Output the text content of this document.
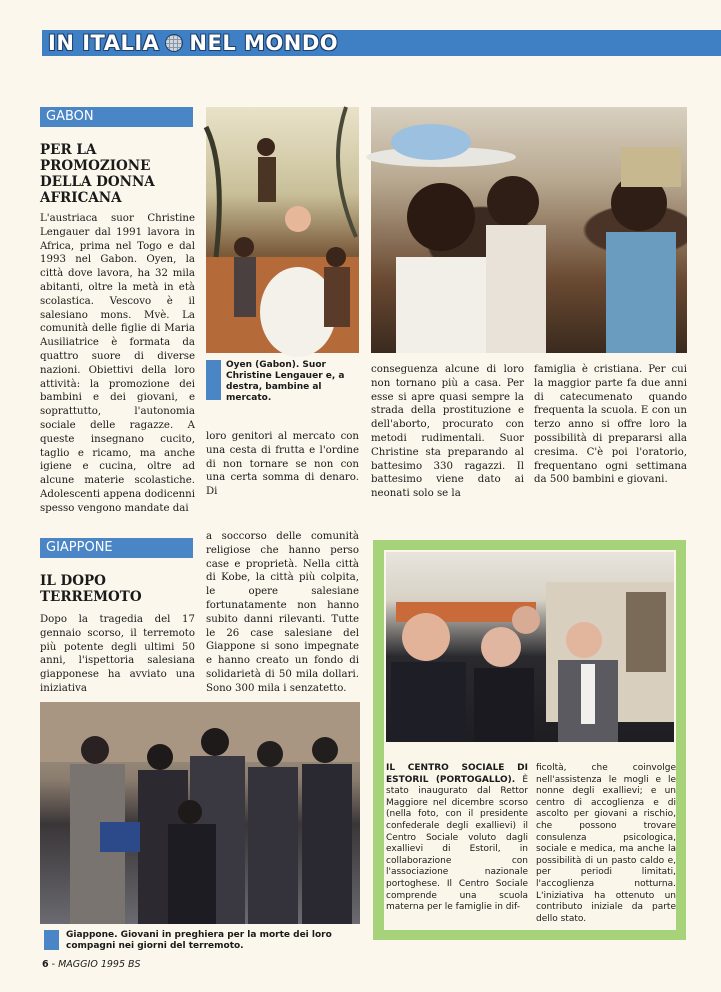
IN ITALIA NEL MONDO
GABON
PER LA PROMOZIONE DELLA DONNA AFRICANA
L'austriaca suor Christine Lengauer dal 1991 lavora in Africa, prima nel Togo e dal 1993 nel Gabon. Oyen, la città dove lavora, ha 32 mila abitanti, oltre la metà in età scolastica. Vescovo è il salesiano mons. Mvè. La comunità delle figlie di Maria Ausiliatrice è formata da quattro suore di diverse nazioni. Obiettivi della loro attività: la promozione dei bambini e dei giovani, e soprattutto, l'autonomia sociale delle ragazze. A queste insegnano cucito, taglio e ricamo, ma anche igiene e cucina, oltre ad alcune materie scolastiche. Adolescenti appena dodicenni spesso vengono mandate dai
Oyen (Gabon). Suor Christine Lengauer e, a destra, bambine al mercato.
loro genitori al mercato con una cesta di frutta e l'ordine di non tornare se non con una certa somma di denaro. Di
conseguenza alcune di loro non tornano più a casa. Per esse si apre quasi sempre la strada della prostituzione e dell'aborto, procurato con metodi rudimentali. Suor Christine sta preparando al battesimo 330 ragazzi. Il battesimo viene dato ai neonati solo se la
famiglia è cristiana. Per cui la maggior parte fa due anni di catecumenato quando frequenta la scuola. E con un terzo anno si offre loro la possibilità di prepararsi alla cresima. C'è poi l'oratorio, frequentano ogni settimana da 500 bambini e giovani.
GIAPPONE
IL DOPO TERREMOTO
Dopo la tragedia del 17 gennaio scorso, il terremoto più potente degli ultimi 50 anni, l'ispettoria salesiana giapponese ha avviato una iniziativa
a soccorso delle comunità religiose che hanno perso case e proprietà. Nella città di Kobe, la città più colpita, le opere salesiane fortunatamente non hanno subito danni rilevanti. Tutte le 26 case salesiane del Giappone si sono impegnate e hanno creato un fondo di solidarietà di 50 mila dollari. Sono 300 mila i senzatetto.
Giappone. Giovani in preghiera per la morte dei loro compagni nei giorni del terremoto.
IL CENTRO SOCIALE DI ESTORIL (PORTOGALLO). È stato inaugurato dal Rettor Maggiore nel dicembre scorso (nella foto, con il presidente confederale degli exallievi) il Centro Sociale voluto dagli exallievi di Estoril, in collaborazione con l'associazione nazionale portoghese. Il Centro Sociale comprende una scuola materna per le famiglie in dif-
ficoltà, che coinvolge nell'assistenza le mogli e le nonne degli exallievi; e un centro di accoglienza e di ascolto per giovani a rischio, che possono trovare consulenza psicologica, sociale e medica, ma anche la possibilità di un pasto caldo e, per periodi limitati, l'accoglienza notturna. L'iniziativa ha ottenuto un contributo iniziale da parte dello stato.
6 - MAGGIO 1995 BS
